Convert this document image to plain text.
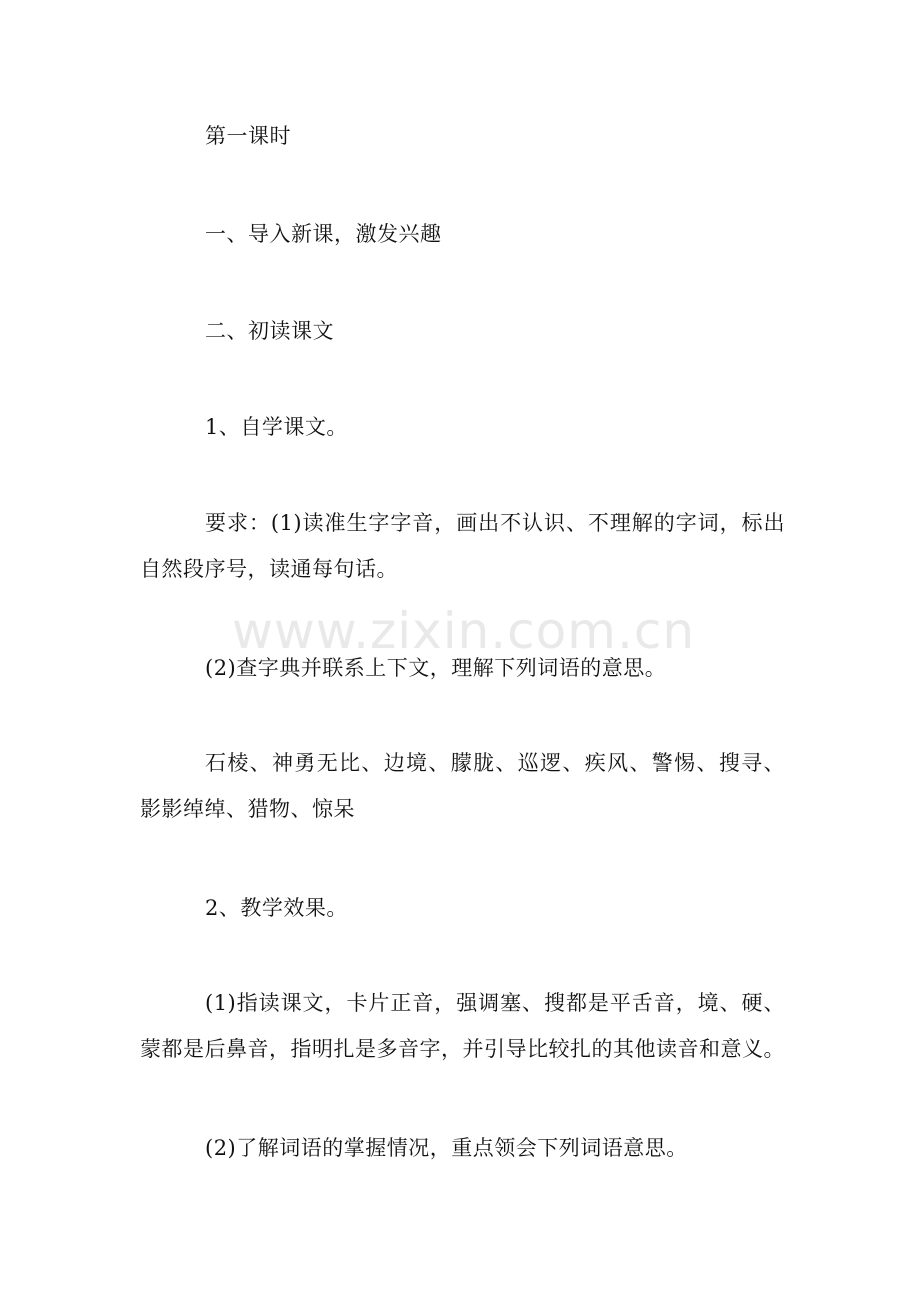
www.zixin.com.cn
第一课时
一、导入新课，激发兴趣
二、初读课文
1、自学课文。
要求：(1)读准生字字音，画出不认识、不理解的字词，标出自然段序号，读通每句话。
(2)查字典并联系上下文，理解下列词语的意思。
石棱、神勇无比、边境、朦胧、巡逻、疾风、警惕、搜寻、影影绰绰、猎物、惊呆
2、教学效果。
(1)指读课文，卡片正音，强调塞、搜都是平舌音，境、硬、蒙都是后鼻音，指明扎是多音字，并引导比较扎的其他读音和意义。
(2)了解词语的掌握情况，重点领会下列词语意思。
